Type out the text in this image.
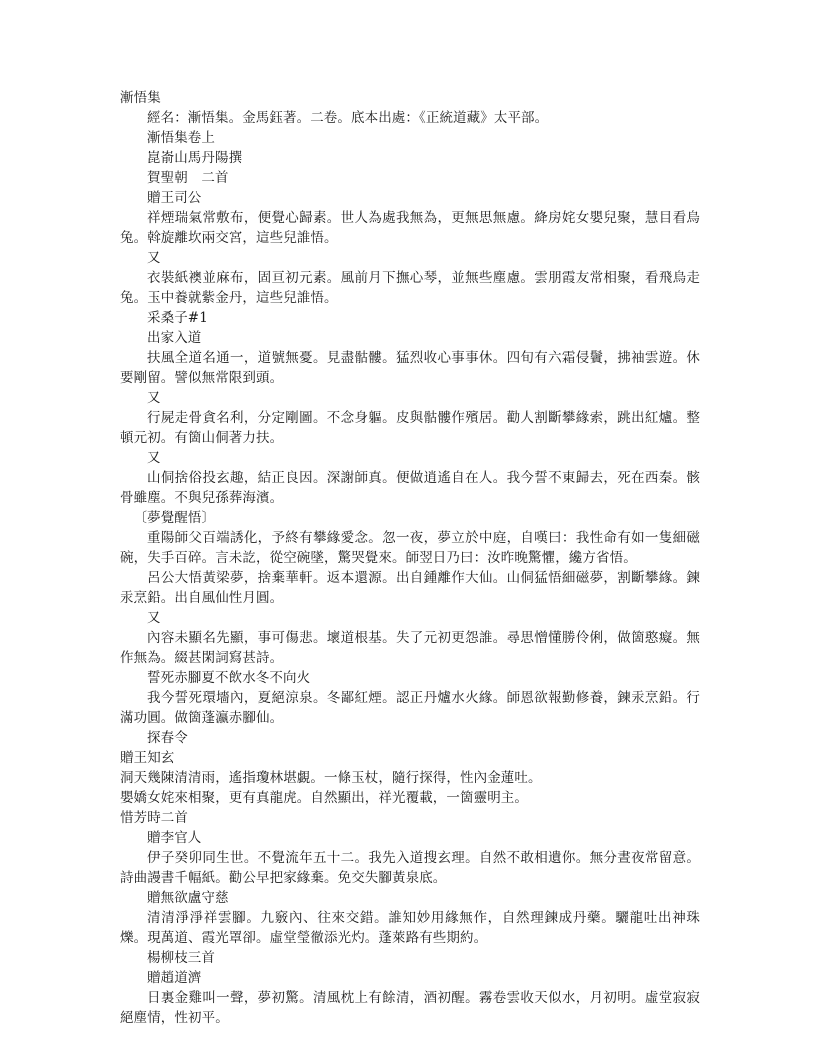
漸悟集

經名：漸悟集。金馬鈺著。二卷。底本出處：《正統道藏》太平部。

漸悟集卷上

崑嵛山馬丹陽撰

賀聖朝　二首

贈王司公

祥煙瑞氣常敷布，便覺心歸素。世人為處我無為，更無思無慮。絳房姹女嬰兒聚，慧目看烏兔。斡旋離坎兩交宮，這些兒誰悟。

又

衣裝紙襖並麻布，固亘初元素。風前月下撫心琴，並無些塵慮。雲朋霞友常相聚，看飛烏走兔。玉中養就紫金丹，這些兒誰悟。

采桑子#1

出家入道

扶風全道名通一，道號無憂。見盡骷髏。猛烈收心事事休。四旬有六霜侵鬢，拂袖雲遊。休要剛留。譬似無常限到頭。

又

行屍走骨貪名利，分定剛圖。不念身軀。皮與骷髏作殯居。勸人割斷攀緣索，跳出紅爐。整頓元初。有箇山侗著力扶。

又

山侗捨俗投玄趣，結正良因。深謝師真。便做逍遙自在人。我今誓不東歸去，死在西秦。骸骨雖塵。不與兒孫葬海濱。

〔夢覺醒悟〕

重陽師父百端誘化，予終有攀緣愛念。忽一夜，夢立於中庭，自嘆曰：我性命有如一隻細磁碗，失手百碎。言未訖，從空碗墜，驚哭覺來。師翌日乃曰：汝昨晚驚懼，纔方省悟。

呂公大悟黃梁夢，捨棄華軒。返本還源。出自鍾離作大仙。山侗猛悟細磁夢，割斷攀緣。鍊汞烹鉛。出自風仙性月圓。

又

內容未顯名先顯，事可傷悲。壞道根基。失了元初更怨誰。尋思憎懂勝伶俐，做箇憨癡。無作無為。綴甚閑詞寫甚詩。

誓死赤腳夏不飲水冬不向火

我今誓死環墻內，夏絕涼泉。冬鄙紅煙。認正丹爐水火緣。師恩欲報勤修養，鍊汞烹鉛。行滿功圓。做箇蓬瀛赤腳仙。

探春令

贈王知玄

洞天幾陳清清雨，遙指瓊林堪覷。一條玉杖，隨行探得，性內金蓮吐。

嬰嬌女姹來相聚，更有真龍虎。自然顯出，祥光覆載，一箇靈明主。

惜芳時二首

贈李官人

伊子癸卯同生世。不覺流年五十二。我先入道搜玄理。自然不敢相遺你。無分晝夜常留意。詩曲謾書千幅紙。勸公早把家緣棄。免交失腳黃泉底。

贈無欲盧守慈

清清淨淨祥雲腳。九竅內、往來交錯。誰知妙用緣無作，自然理鍊成丹藥。驪龍吐出神珠爍。現萬道、霞光罩卻。虛堂瑩徹添光灼。蓬萊路有些期約。

楊柳枝三首

贈趙道濟

日裏金雞叫一聲，夢初驚。清風枕上有餘清，酒初醒。霧卷雲收天似水，月初明。虛堂寂寂絕塵情，性初平。
